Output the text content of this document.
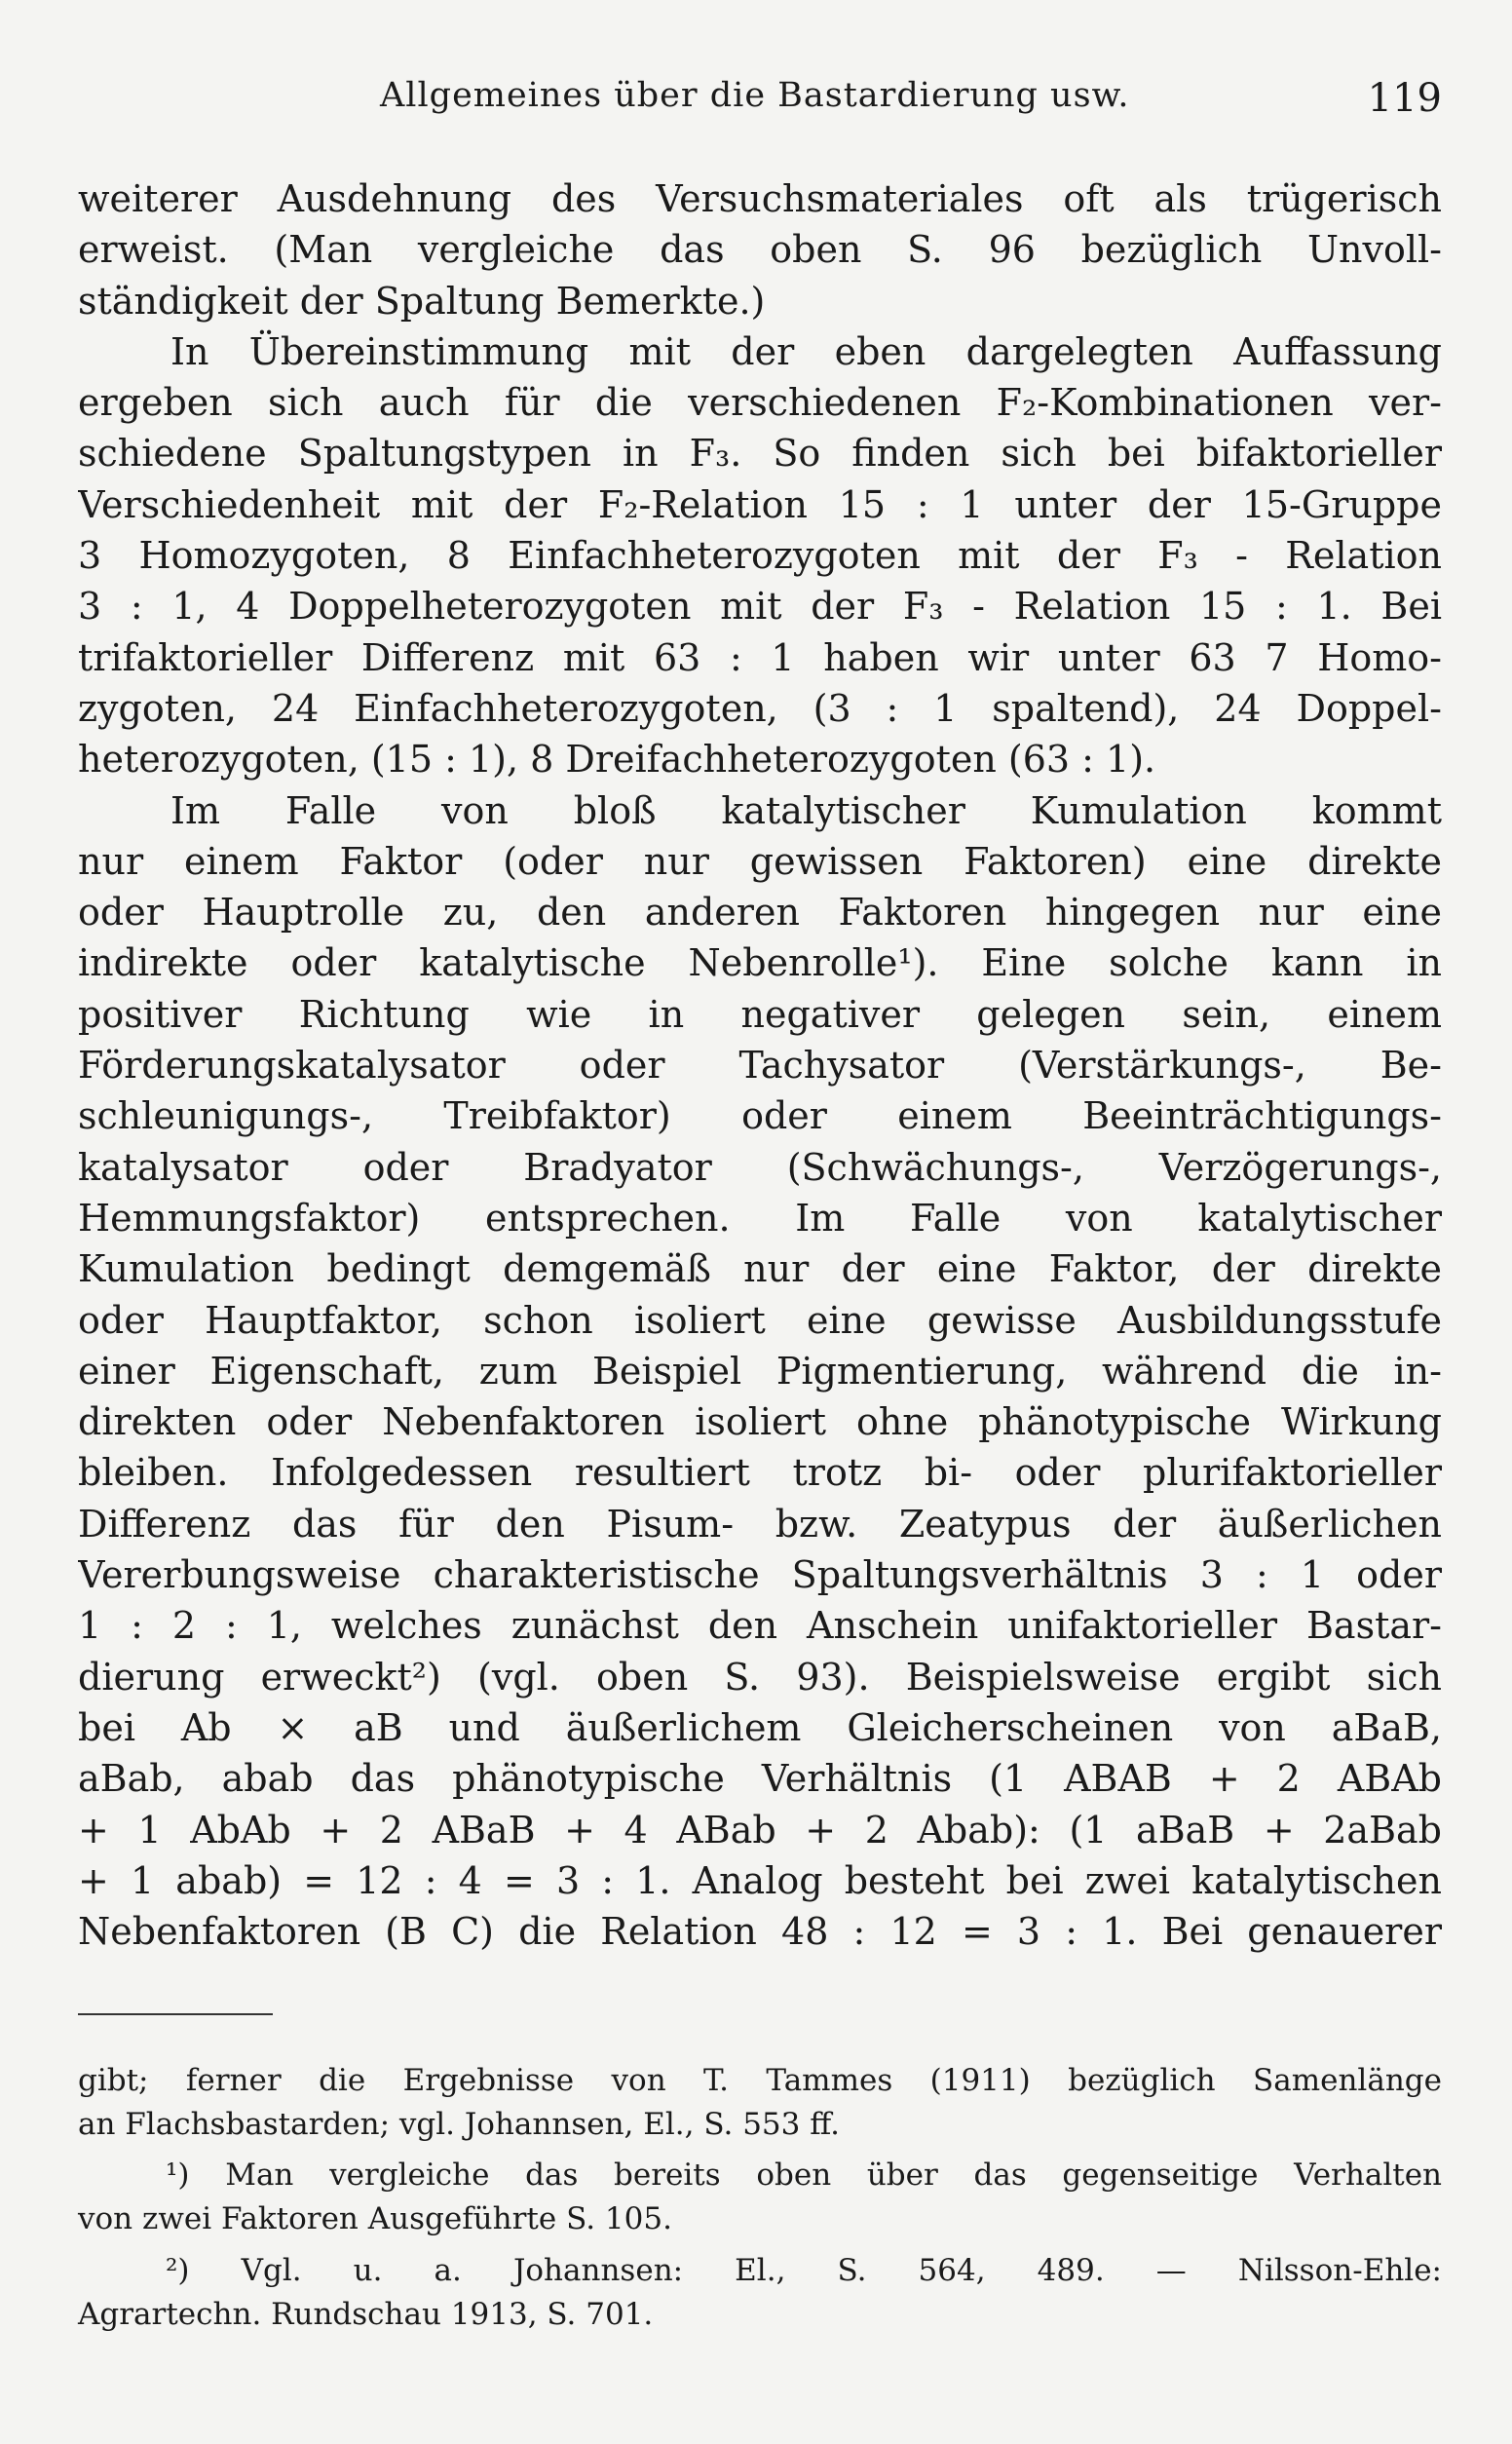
Allgemeines über die Bastardierung usw.	119
weiterer Ausdehnung des Versuchsmateriales oft als trügerisch
erweist. (Man vergleiche das oben S. 96 bezüglich Unvoll-
ständigkeit der Spaltung Bemerkte.)
In Übereinstimmung mit der eben dargelegten Auffassung
ergeben sich auch für die verschiedenen F₂-Kombinationen ver-
schiedene Spaltungstypen in F₃. So finden sich bei bifaktorieller
Verschiedenheit mit der F₂-Relation 15 : 1 unter der 15-Gruppe
3 Homozygoten, 8 Einfachheterozygoten mit der F₃ - Relation
3 : 1, 4 Doppelheterozygoten mit der F₃ - Relation 15 : 1. Bei
trifaktorieller Differenz mit 63 : 1 haben wir unter 63 7 Homo-
zygoten, 24 Einfachheterozygoten, (3 : 1 spaltend), 24 Doppel-
heterozygoten, (15 : 1), 8 Dreifachheterozygoten (63 : 1).
Im Falle von bloß katalytischer Kumulation kommt
nur einem Faktor (oder nur gewissen Faktoren) eine direkte
oder Hauptrolle zu, den anderen Faktoren hingegen nur eine
indirekte oder katalytische Nebenrolle¹). Eine solche kann in
positiver Richtung wie in negativer gelegen sein, einem
Förderungskatalysator oder Tachysator (Verstärkungs-, Be-
schleunigungs-, Treibfaktor) oder einem Beeinträchtigungs-
katalysator oder Bradyator (Schwächungs-, Verzögerungs-,
Hemmungsfaktor) entsprechen. Im Falle von katalytischer
Kumulation bedingt demgemäß nur der eine Faktor, der direkte
oder Hauptfaktor, schon isoliert eine gewisse Ausbildungsstufe
einer Eigenschaft, zum Beispiel Pigmentierung, während die in-
direkten oder Nebenfaktoren isoliert ohne phänotypische Wirkung
bleiben. Infolgedessen resultiert trotz bi- oder plurifaktorieller
Differenz das für den Pisum- bzw. Zeatypus der äußerlichen
Vererbungsweise charakteristische Spaltungsverhältnis 3 : 1 oder
1 : 2 : 1, welches zunächst den Anschein unifaktorieller Bastar-
dierung erweckt²) (vgl. oben S. 93). Beispielsweise ergibt sich
bei Ab × aB und äußerlichem Gleicherscheinen von aBaB,
aBab, abab das phänotypische Verhältnis (1 ABAB + 2 ABAb
+ 1 AbAb + 2 ABaB + 4 ABab + 2 Abab): (1 aBaB + 2aBab
+ 1 abab) = 12 : 4 = 3 : 1. Analog besteht bei zwei katalytischen
Nebenfaktoren (B C) die Relation 48 : 12 = 3 : 1. Bei genauerer
gibt; ferner die Ergebnisse von T. Tammes (1911) bezüglich Samenlänge
an Flachsbastarden; vgl. Johannsen, El., S. 553 ff.
¹) Man vergleiche das bereits oben über das gegenseitige Verhalten
von zwei Faktoren Ausgeführte S. 105.
²) Vgl. u. a. Johannsen: El., S. 564, 489. — Nilsson-Ehle:
Agrartechn. Rundschau 1913, S. 701.
